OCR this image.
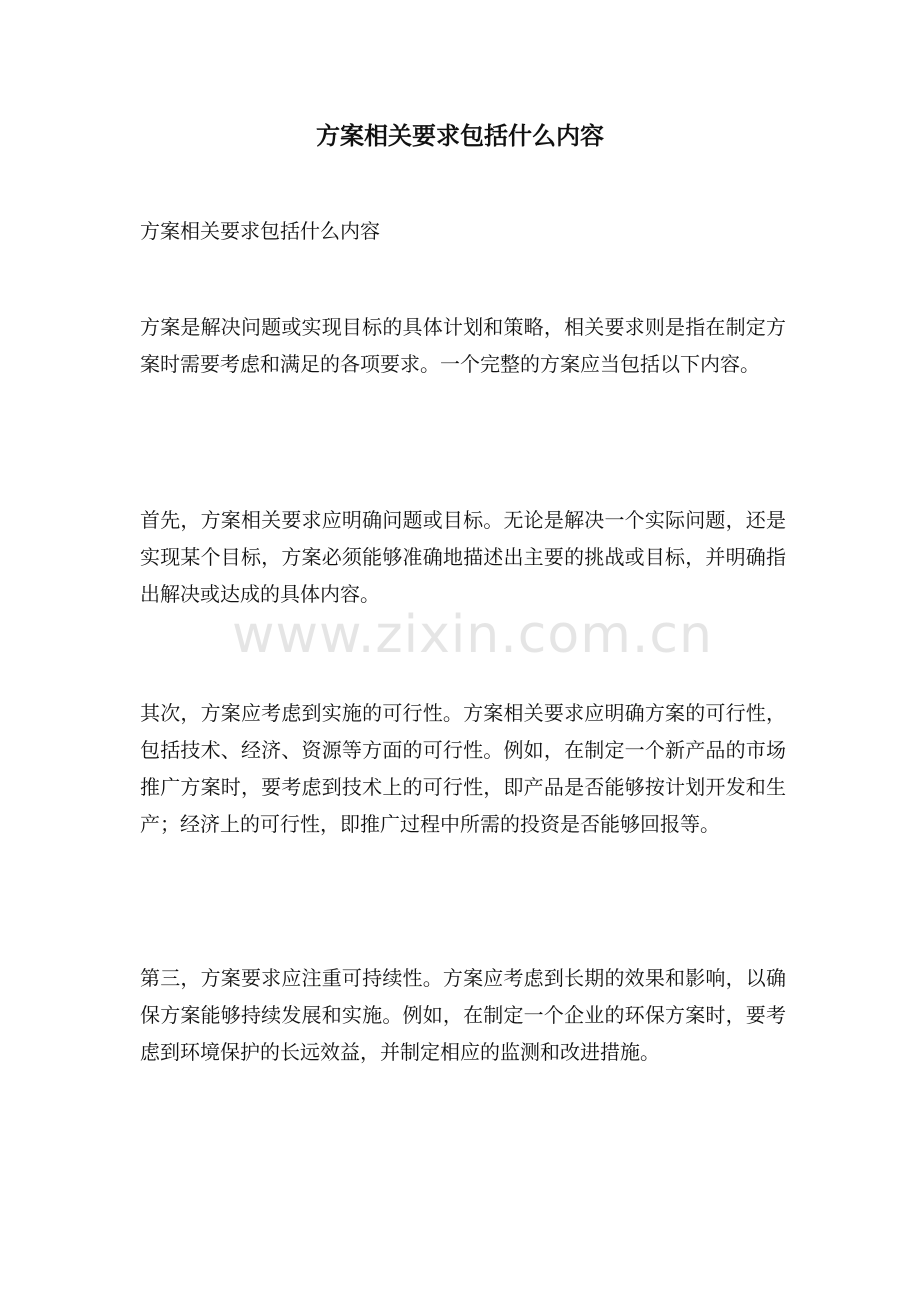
方案相关要求包括什么内容

方案相关要求包括什么内容

方案是解决问题或实现目标的具体计划和策略，相关要求则是指在制定方案时需要考虑和满足的各项要求。一个完整的方案应当包括以下内容。

首先，方案相关要求应明确问题或目标。无论是解决一个实际问题，还是实现某个目标，方案必须能够准确地描述出主要的挑战或目标，并明确指出解决或达成的具体内容。

其次，方案应考虑到实施的可行性。方案相关要求应明确方案的可行性，包括技术、经济、资源等方面的可行性。例如，在制定一个新产品的市场推广方案时，要考虑到技术上的可行性，即产品是否能够按计划开发和生产；经济上的可行性，即推广过程中所需的投资是否能够回报等。

第三，方案要求应注重可持续性。方案应考虑到长期的效果和影响，以确保方案能够持续发展和实施。例如，在制定一个企业的环保方案时，要考虑到环境保护的长远效益，并制定相应的监测和改进措施。

www.zixin.com.cn
